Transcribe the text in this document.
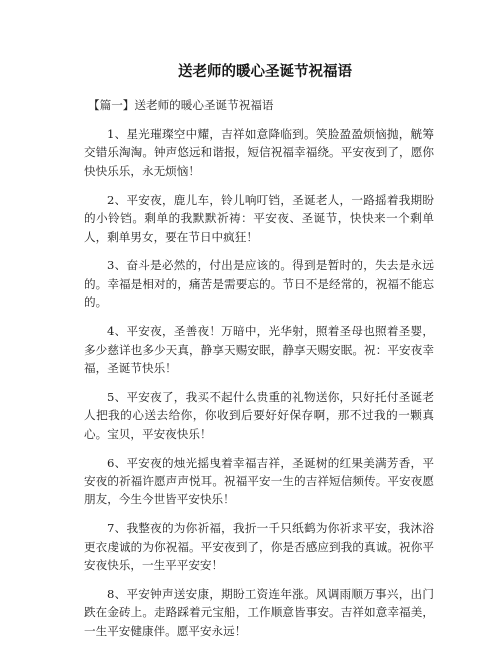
送老师的暖心圣诞节祝福语
【篇一】送老师的暖心圣诞节祝福语

1、星光璀璨空中耀，吉祥如意降临到。笑脸盈盈烦恼抛，觥筹交错乐淘淘。钟声悠远和谐报，短信祝福幸福绕。平安夜到了，愿你快快乐乐，永无烦恼！

2、平安夜，鹿儿车，铃儿响叮铛，圣诞老人，一路摇着我期盼的小铃铛。剩单的我默默祈祷：平安夜、圣诞节，快快来一个剩单人，剩单男女，要在节日中疯狂！

3、奋斗是必然的，付出是应该的。得到是暂时的，失去是永远的。幸福是相对的，痛苦是需要忘的。节日不是经常的，祝福不能忘的。

4、平安夜，圣善夜！万暗中，光华射，照着圣母也照着圣婴，多少慈详也多少天真，静享天赐安眠，静享天赐安眠。祝：平安夜幸福，圣诞节快乐！

5、平安夜了，我买不起什么贵重的礼物送你，只好托付圣诞老人把我的心送去给你，你收到后要好好保存啊，那不过我的一颗真心。宝贝，平安夜快乐！

6、平安夜的烛光摇曳着幸福吉祥，圣诞树的红果美满芳香，平安夜的祈福许愿声声悦耳。祝福平安一生的吉祥短信频传。平安夜愿朋友，今生今世皆平安快乐！

7、我整夜的为你祈福，我折一千只纸鹤为你祈求平安，我沐浴更衣虔诚的为你祝福。平安夜到了，你是否感应到我的真诚。祝你平安夜快乐，一生平平安安！

8、平安钟声送安康，期盼工资连年涨。风调雨顺万事兴，出门跌在金砖上。走路踩着元宝船，工作顺意皆事安。吉祥如意幸福美，一生平安健康伴。愿平安永远！
